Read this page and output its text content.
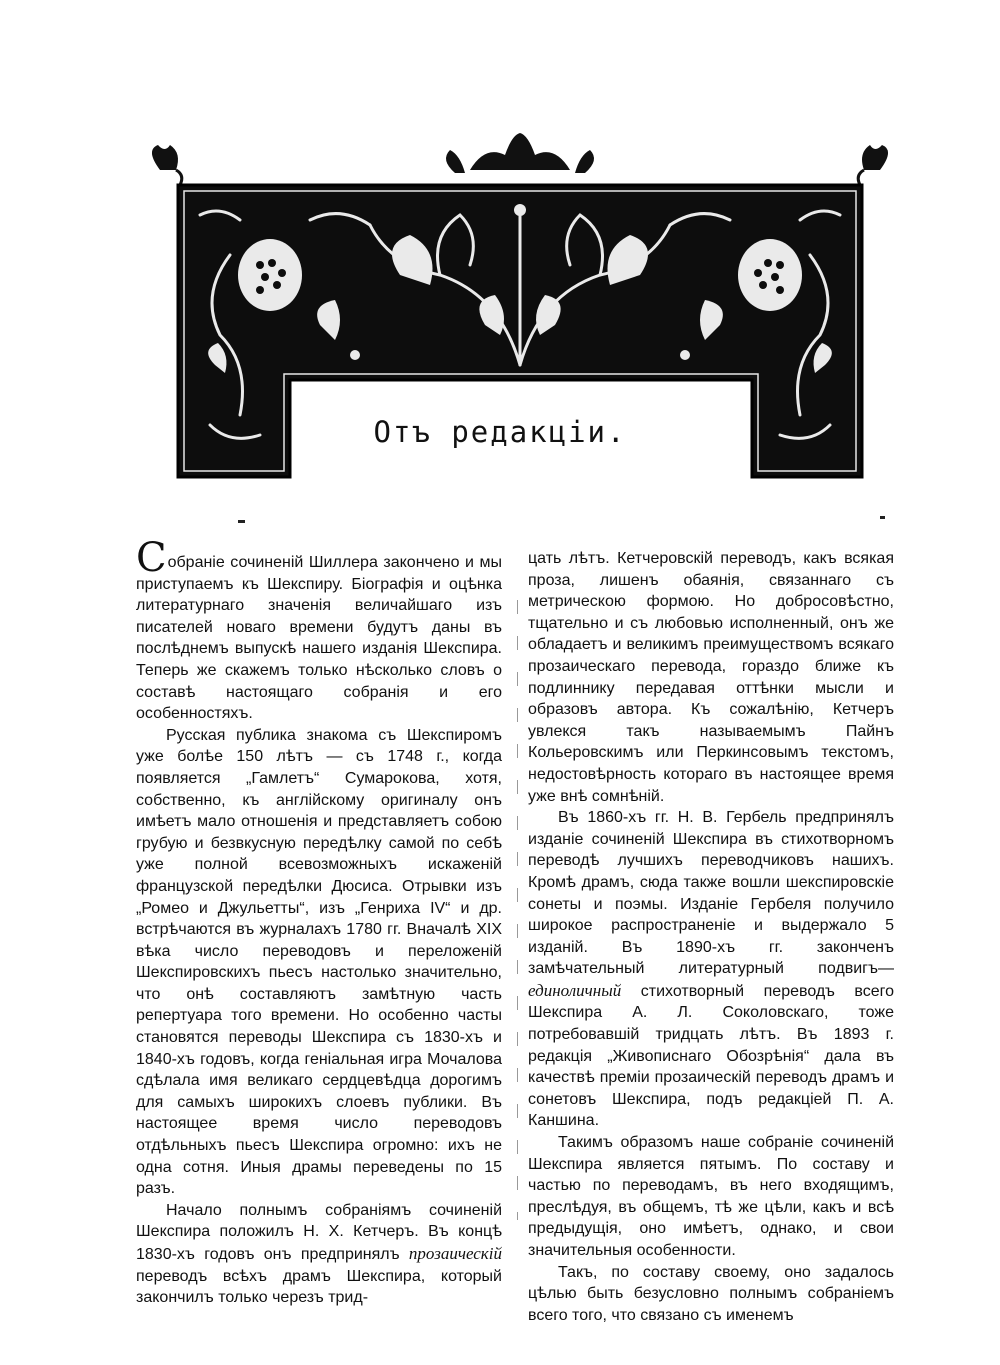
Отъ редакціи.

Собраніе сочиненій Шиллера закончено и мы приступаемъ къ Шекспиру. Біографія и оцѣнка литературнаго значенія величайшаго изъ писателей новаго времени будутъ даны въ послѣднемъ выпускѣ нашего изданія Шекспира. Теперь же скажемъ только нѣсколько словъ о составѣ настоящаго собранія и его особенностяхъ.

Русская публика знакома съ Шекспиромъ уже болѣе 150 лѣтъ — съ 1748 г., когда появляется „Гамлетъ“ Сумарокова, хотя, собственно, къ англійскому оригиналу онъ имѣетъ мало отношенія и представляетъ собою грубую и безвкусную передѣлку самой по себѣ уже полной всевозможныхъ искаженій французской передѣлки Дюсиса. Отрывки изъ „Ромео и Джульетты“, изъ „Генриха IV“ и др. встрѣчаются въ журналахъ 1780 гг. Вначалѣ XIX вѣка число переводовъ и переложеній Шекспировскихъ пьесъ настолько значительно, что онѣ составляютъ замѣтную часть репертуара того времени. Но особенно часты становятся переводы Шекспира съ 1830-хъ и 1840-хъ годовъ, когда геніальная игра Мочалова сдѣлала имя великаго сердцевѣдца дорогимъ для самыхъ широкихъ слоевъ публики. Въ настоящее время число переводовъ отдѣльныхъ пьесъ Шекспира огромно: ихъ не одна сотня. Иныя драмы переведены по 15 разъ.

Начало полнымъ собраніямъ сочиненій Шекспира положилъ Н. Х. Кетчеръ. Въ концѣ 1830-хъ годовъ онъ предпринялъ прозаическій переводъ всѣхъ драмъ Шекспира, который закончилъ только черезъ трид-

цать лѣтъ. Кетчеровскій переводъ, какъ всякая проза, лишенъ обаянія, связаннаго съ метрическою формою. Но добросовѣстно, тщательно и съ любовью исполненный, онъ же обладаетъ и великимъ преимуществомъ всякаго прозаическаго перевода, гораздо ближе къ подлиннику передавая оттѣнки мысли и образовъ автора. Къ сожалѣнію, Кетчеръ увлекся такъ называемымъ Пайнъ Кольеровскимъ или Перкинсовымъ текстомъ, недостовѣрность котораго въ настоящее время уже внѣ сомнѣній.

Въ 1860-хъ гг. Н. В. Гербель предпринялъ изданіе сочиненій Шекспира въ стихотворномъ переводѣ лучшихъ переводчиковъ нашихъ. Кромѣ драмъ, сюда также вошли шекспировскіе сонеты и поэмы. Изданіе Гербеля получило широкое распространеніе и выдержало 5 изданій. Въ 1890-хъ гг. законченъ замѣчательный литературный подвигъ—единоличный стихотворный переводъ всего Шекспира А. Л. Соколовскаго, тоже потребовавшій тридцать лѣтъ. Въ 1893 г. редакція „Живописнаго Обозрѣнія“ дала въ качествѣ преміи прозаическій переводъ драмъ и сонетовъ Шекспира, подъ редакціей П. А. Каншина.

Такимъ образомъ наше собраніе сочиненій Шекспира является пятымъ. По составу и частью по переводамъ, въ него входящимъ, преслѣдуя, въ общемъ, тѣ же цѣли, какъ и всѣ предыдущія, оно имѣетъ, однако, и свои значительныя особенности.

Такъ, по составу своему, оно задалось цѣлью быть безусловно полнымъ собраніемъ всего того, что связано съ именемъ
